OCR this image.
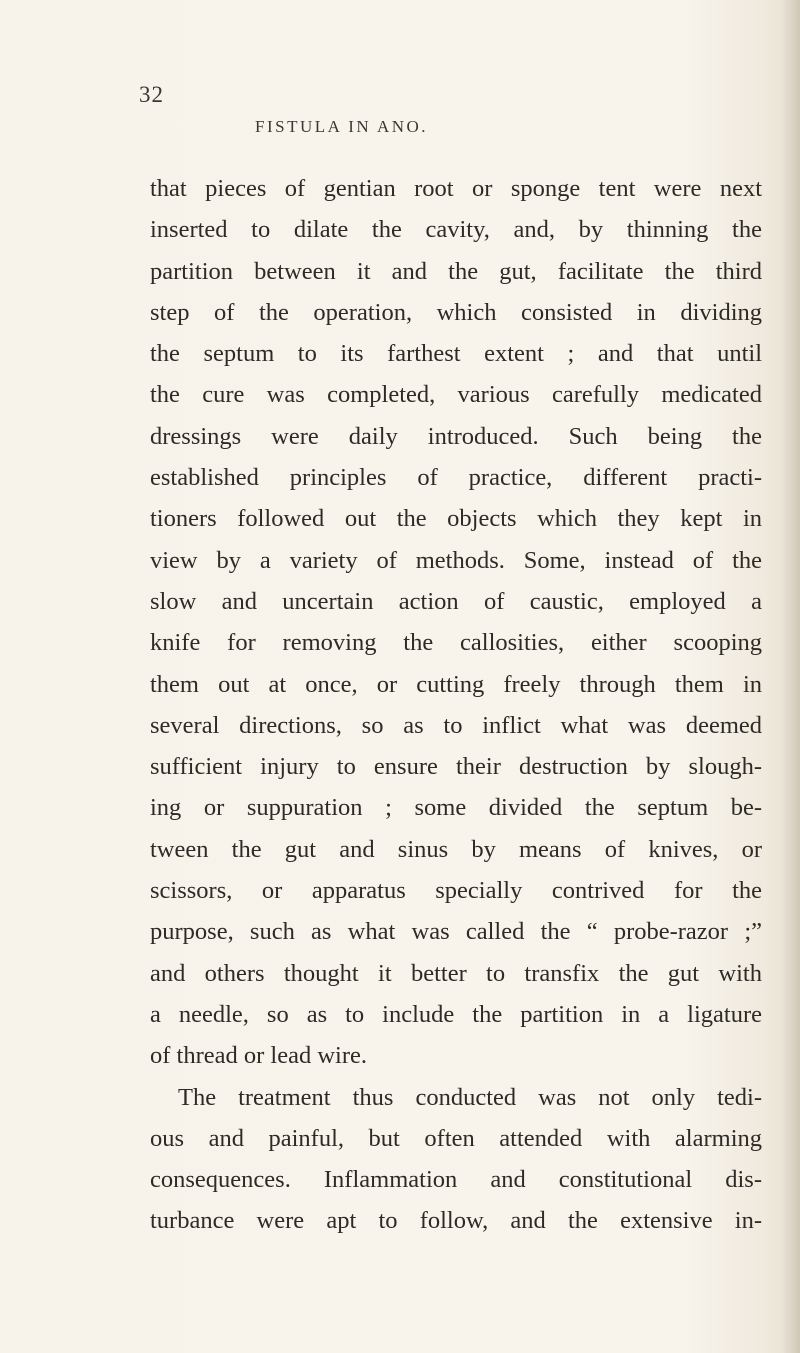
32
FISTULA IN ANO.
that pieces of gentian root or sponge tent were next
inserted to dilate the cavity, and, by thinning the
partition between it and the gut, facilitate the third
step of the operation, which consisted in dividing
the septum to its farthest extent ; and that until
the cure was completed, various carefully medicated
dressings were daily introduced. Such being the
established principles of practice, different practi-
tioners followed out the objects which they kept in
view by a variety of methods. Some, instead of the
slow and uncertain action of caustic, employed a
knife for removing the callosities, either scooping
them out at once, or cutting freely through them in
several directions, so as to inflict what was deemed
sufficient injury to ensure their destruction by slough-
ing or suppuration ; some divided the septum be-
tween the gut and sinus by means of knives, or
scissors, or apparatus specially contrived for the
purpose, such as what was called the “ probe-razor ;”
and others thought it better to transfix the gut with
a needle, so as to include the partition in a ligature
of thread or lead wire.
The treatment thus conducted was not only tedi-
ous and painful, but often attended with alarming
consequences. Inflammation and constitutional dis-
turbance were apt to follow, and the extensive in-
